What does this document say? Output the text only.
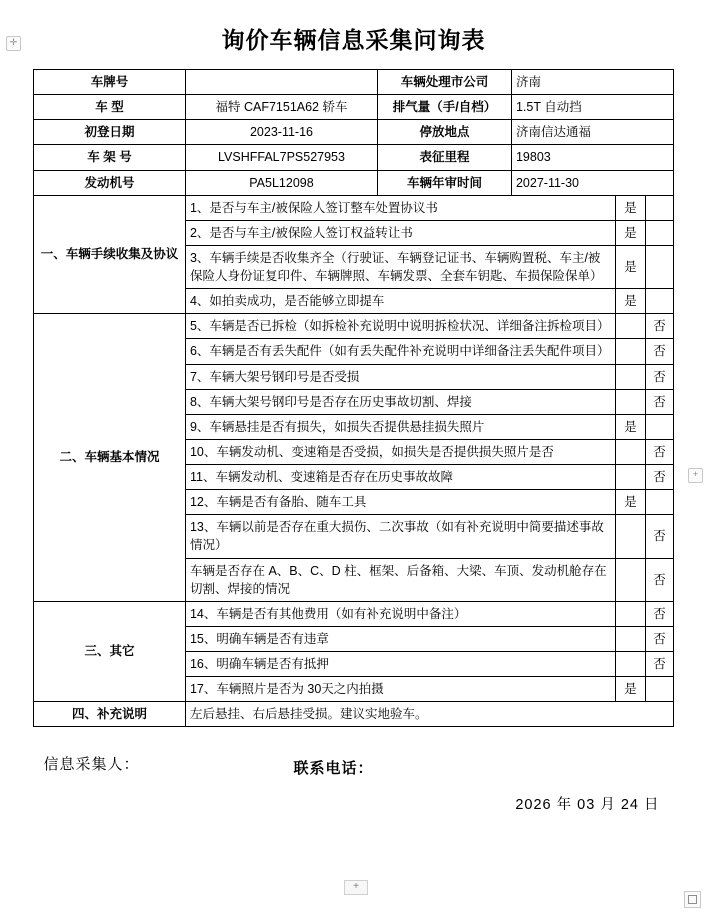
询价车辆信息采集问询表
车牌号		车辆处理市公司	济南		
车 型	福特 CAF7151A62 轿车	排气量（手/自档）	1.5T 自动挡		
初登日期	2023-11-16	停放地点	济南信达通福		
车 架 号	LVSHFFAL7PS527953	表征里程	19803		
发动机号	PA5L12098	车辆年审时间	2027-11-30		
一、车辆手续收集及协议	1、是否与车主/被保险人签订整车处置协议书			是	
	2、是否与车主/被保险人签订权益转让书			是	
	3、车辆手续是否收集齐全（行驶证、车辆登记证书、车辆购置税、车主/被保险人身份证复印件、车辆牌照、车辆发票、全套车钥匙、车损保险保单）			是	
	4、如拍卖成功，是否能够立即提车			是	
二、车辆基本情况	5、车辆是否已拆检（如拆检补充说明中说明拆检状况、详细备注拆检项目）				否
	6、车辆是否有丢失配件（如有丢失配件补充说明中详细备注丢失配件项目）				否
	7、车辆大架号钢印号是否受损				否
	8、车辆大架号钢印号是否存在历史事故切割、焊接				否
	9、车辆悬挂是否有损失，如损失否提供悬挂损失照片			是	
	10、车辆发动机、变速箱是否受损，如损失是否提供损失照片是否				否
	11、车辆发动机、变速箱是否存在历史事故故障				否
	12、车辆是否有备胎、随车工具			是	
	13、车辆以前是否存在重大损伤、二次事故（如有补充说明中简要描述事故情况）				否
	车辆是否存在 A、B、C、D 柱、框架、后备箱、大梁、车顶、发动机舱存在切割、焊接的情况				否
三、其它	14、车辆是否有其他费用（如有补充说明中备注）				否
	15、明确车辆是否有违章				否
	16、明确车辆是否有抵押				否
	17、车辆照片是否为 30天之内拍摄			是	
四、补充说明	左后悬挂、右后悬挂受损。建议实地验车。				
信息采集人：	联系电话：
2026 年 03 月 24 日
✛
+
+
